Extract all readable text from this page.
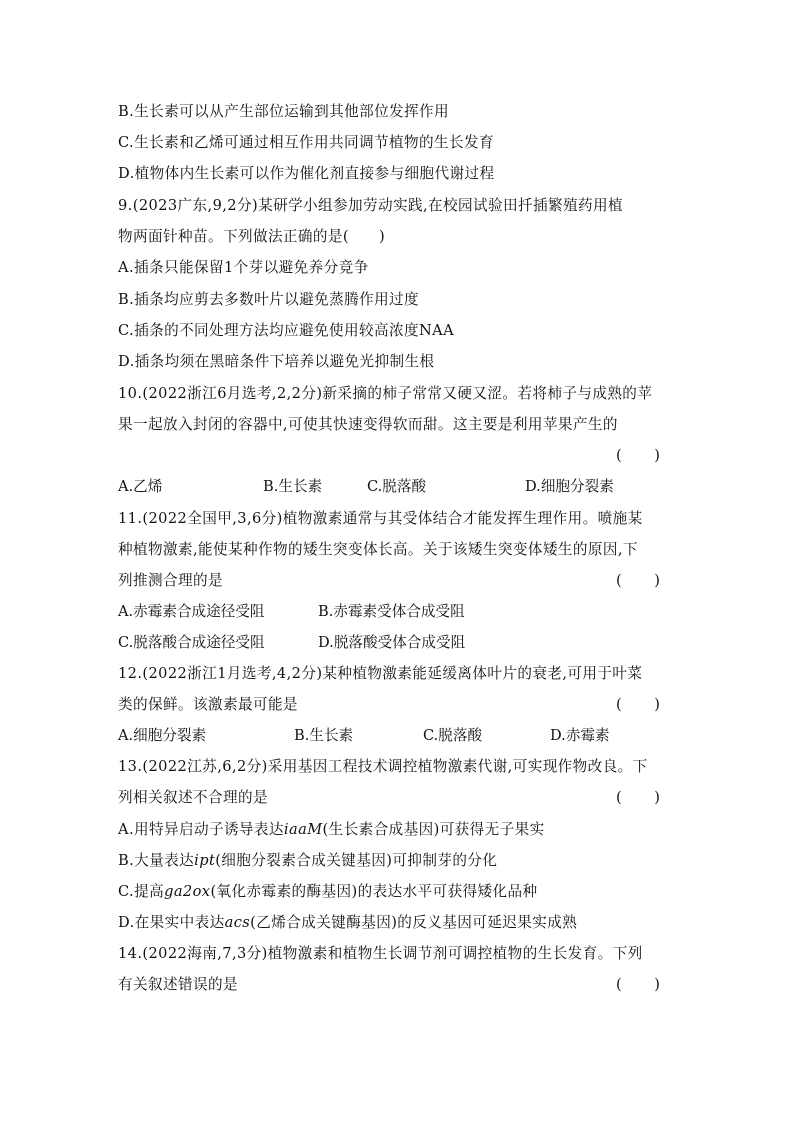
B.生长素可以从产生部位运输到其他部位发挥作用
C.生长素和乙烯可通过相互作用共同调节植物的生长发育
D.植物体内生长素可以作为催化剂直接参与细胞代谢过程
9.(2023广东,9,2分)某研学小组参加劳动实践,在校园试验田扦插繁殖药用植
物两面针种苗。下列做法正确的是(　　)
A.插条只能保留1个芽以避免养分竞争
B.插条均应剪去多数叶片以避免蒸腾作用过度
C.插条的不同处理方法均应避免使用较高浓度NAA
D.插条均须在黑暗条件下培养以避免光抑制生根
10.(2022浙江6月选考,2,2分)新采摘的柿子常常又硬又涩。若将柿子与成熟的苹
果一起放入封闭的容器中,可使其快速变得软而甜。这主要是利用苹果产生的
( )
A.乙烯	B.生长素	C.脱落酸	D.细胞分裂素
11.(2022全国甲,3,6分)植物激素通常与其受体结合才能发挥生理作用。喷施某
种植物激素,能使某种作物的矮生突变体长高。关于该矮生突变体矮生的原因,下
列推测合理的是	( )
A.赤霉素合成途径受阻	B.赤霉素受体合成受阻
C.脱落酸合成途径受阻	D.脱落酸受体合成受阻
12.(2022浙江1月选考,4,2分)某种植物激素能延缓离体叶片的衰老,可用于叶菜
类的保鲜。该激素最可能是	( )
A.细胞分裂素	B.生长素	C.脱落酸	D.赤霉素
13.(2022江苏,6,2分)采用基因工程技术调控植物激素代谢,可实现作物改良。下
列相关叙述不合理的是	( )
A.用特异启动子诱导表达iaaM(生长素合成基因)可获得无子果实
B.大量表达ipt(细胞分裂素合成关键基因)可抑制芽的分化
C.提高ga2ox(氧化赤霉素的酶基因)的表达水平可获得矮化品种
D.在果实中表达acs(乙烯合成关键酶基因)的反义基因可延迟果实成熟
14.(2022海南,7,3分)植物激素和植物生长调节剂可调控植物的生长发育。下列
有关叙述错误的是	( )
